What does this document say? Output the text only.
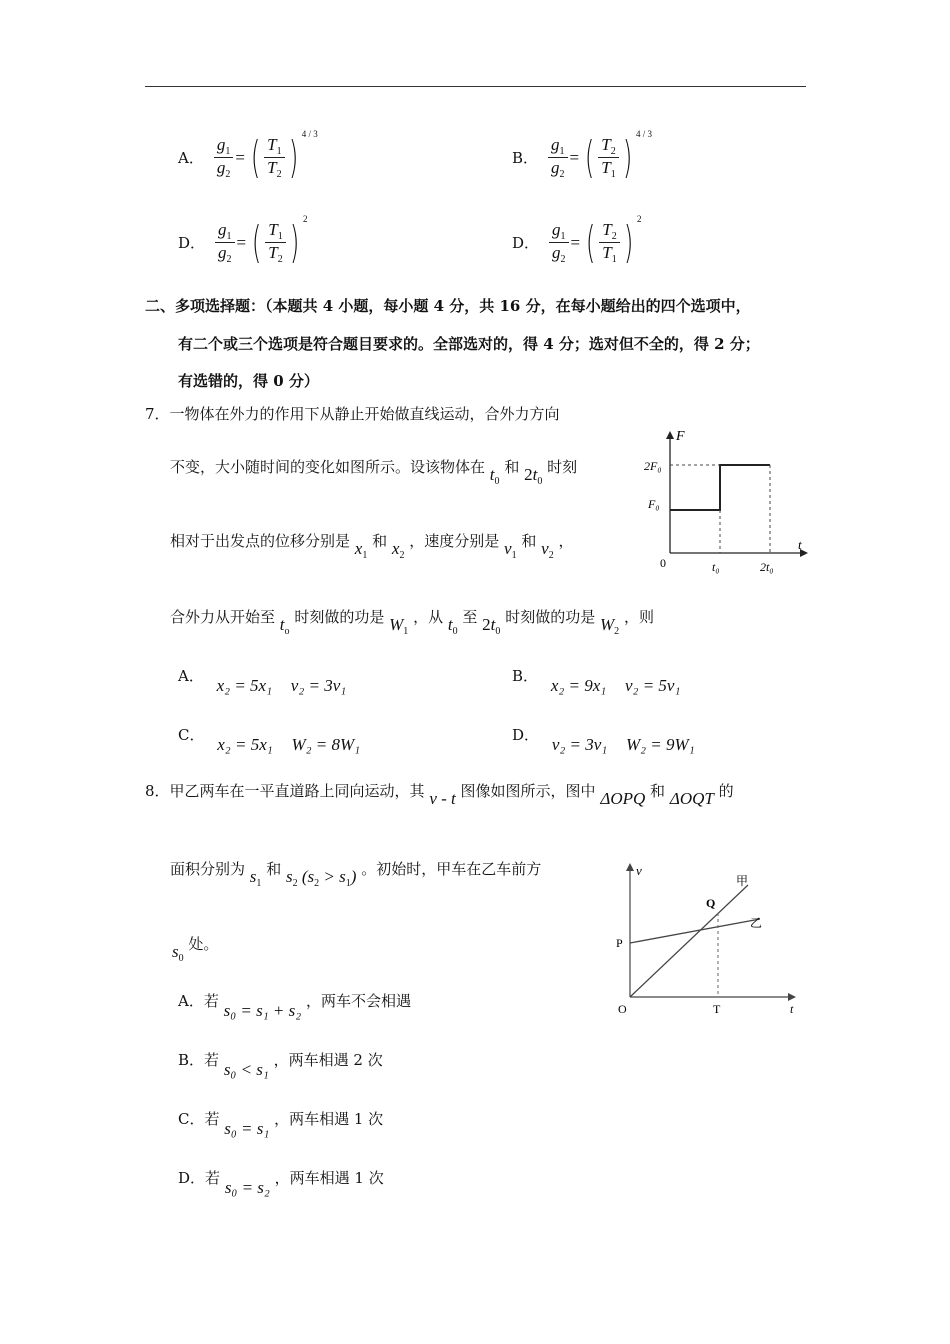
A． $\frac{g_1}{g_2}$ = ( $\frac{T_1}{T_2}$ ) $^{4 / 3}$
B． $\frac{g_1}{g_2}$ = ( $\frac{T_2}{T_1}$ ) $^{4 / 3}$
D． $\frac{g_1}{g_2}$ = ( $\frac{T_1}{T_2}$ ) $^2$
D． $\frac{g_1}{g_2}$ = ( $\frac{T_2}{T_1}$ ) $^2$
二、多项选择题：（本题共 4 小题，每小题 4 分，共 16 分，在每小题给出的四个选项中，
有二个或三个选项是符合题目要求的。全部选对的，得 4 分；选对但不全的，得 2 分；
有选错的，得 0 分）
7．一物体在外力的作用下从静止开始做直线运动，合外力方向
不变，大小随时间的变化如图所示。设该物体在 $t_0$ 和 $2t_0$ 时刻
相对于出发点的位移分别是 $x_1$ 和 $x_2$ ，速度分别是 $v_1$ 和 $v_2$ ，
合外力从开始至 $t_o$ 时刻做的功是 $W_1$ ，从 $t_0$ 至 $2t_0$ 时刻做的功是 $W_2$ ，则
A． x₂ = 5x₁ v₂ = 3v₁	B． x₂ = 9x₁ v₂ = 5v₁
C． x₂ = 5x₁ W₂ = 8W₁	D． v₂ = 3v₁ W₂ = 9W₁
F
t
0
2F₀
F₀
t₀	2t₀
8．甲乙两车在一平直道路上同向运动，其 v - t 图像如图所示，图中 ΔOPQ 和 ΔOQT 的
面积分别为 $s_1$ 和 $s_2$ $(s_2 > s_1)$ 。初始时，甲车在乙车前方
$s_0$ 处。
A．若 s₀ = s₁ + s₂ ，两车不会相遇
B．若 s₀ < s₁ ，两车相遇 2 次
C．若 s₀ = s₁ ，两车相遇 1 次
D．若 s₀ = s₂ ，两车相遇 1 次
v
t
O
P
Q
T
甲
乙
